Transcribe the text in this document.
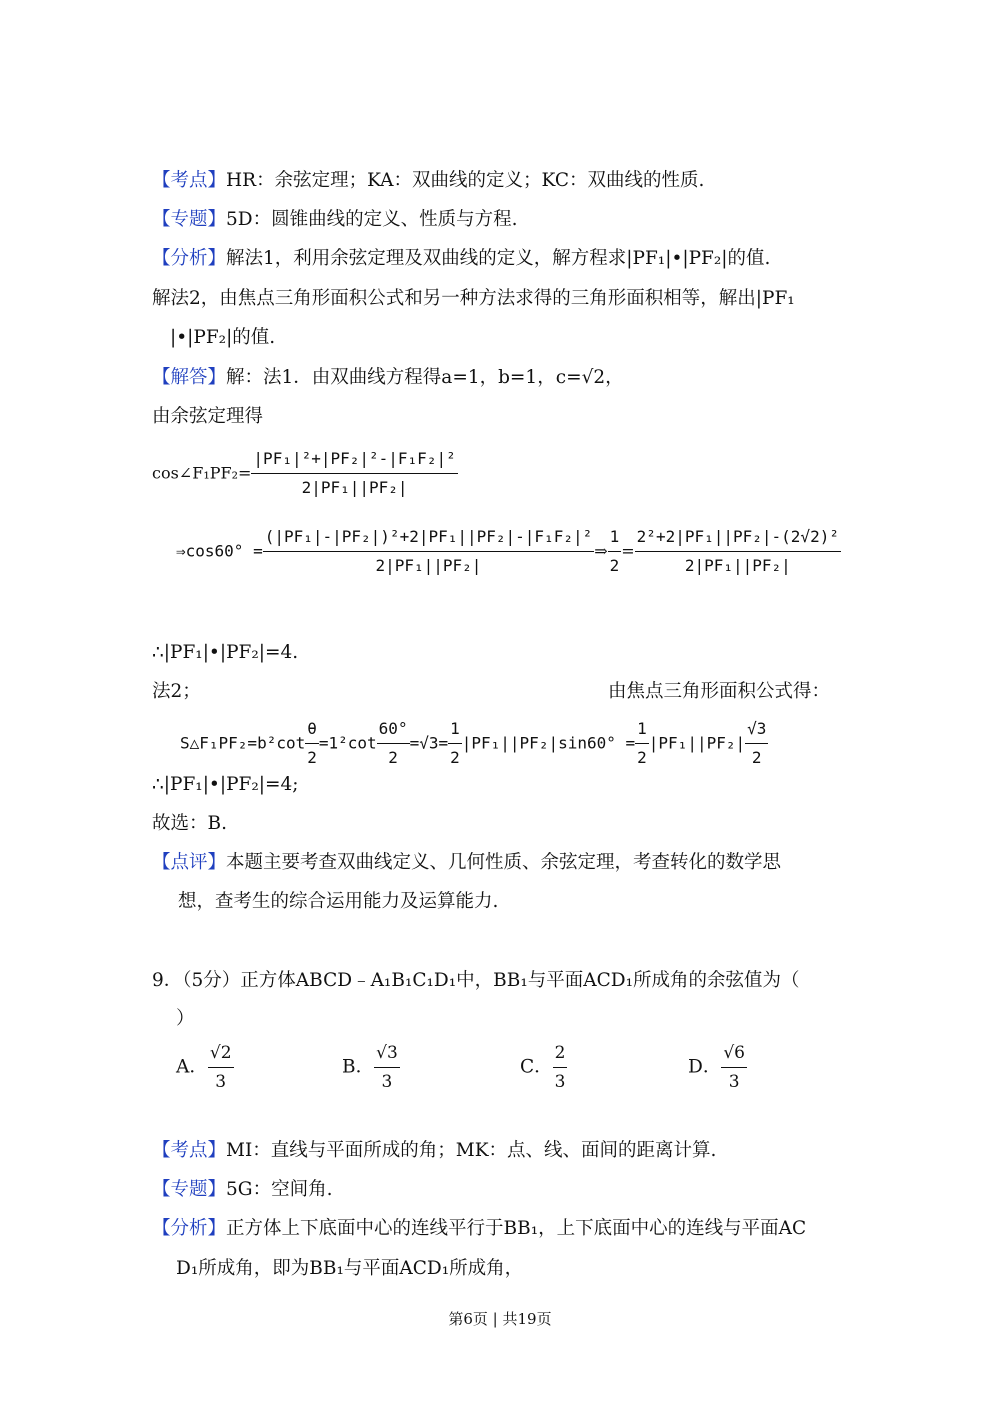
【考点】HR：余弦定理；KA：双曲线的定义；KC：双曲线的性质.
【专题】5D：圆锥曲线的定义、性质与方程.
【分析】解法1，利用余弦定理及双曲线的定义，解方程求|PF₁|•|PF₂|的值.
解法2，由焦点三角形面积公式和另一种方法求得的三角形面积相等，解出|PF₁
|•|PF₂|的值.
【解答】解：法1．由双曲线方程得a=1，b=1，c=√2，
由余弦定理得
cos∠F₁PF₂= $\frac{\text{|PF₁|²+|PF₂|²-|F₁F₂|²}}{\text{2|PF₁||PF₂|}}$
⇒cos60° = $\frac{\text{(|PF₁|-|PF₂|)²+2|PF₁||PF₂|-|F₁F₂|²}}{\text{2|PF₁||PF₂|}}$ ⇒ $\frac{1}{2} = \frac{\text{2²+2|PF₁||PF₂|-(2√2)²}}{\text{2|PF₁||PF₂|}}$
∴|PF₁|•|PF₂|=4.
法2；	由焦点三角形面积公式得：
S△F₁PF₂=b²cot $\frac{\theta}{2} =1^2\cot \frac{60^\circ}{2} =√3= \frac{1}{2} |PF_1||PF_2|\sin 60^\circ = \frac{1}{2} |PF_1||PF_2| \frac{√3}{2}$
∴|PF₁|•|PF₂|=4;
故选：B.
【点评】本题主要考查双曲线定义、几何性质、余弦定理，考查转化的数学思
想，查考生的综合运用能力及运算能力.
9．（5分）正方体ABCD﹣A₁B₁C₁D₁中，BB₁与平面ACD₁所成角的余弦值为（
）
A． $\frac{√2}{3}$	B． $\frac{√3}{3}$	C． $\frac{2}{3}$	D． $\frac{√6}{3}$
【考点】MI：直线与平面所成的角；MK：点、线、面间的距离计算.
【专题】5G：空间角.
【分析】正方体上下底面中心的连线平行于BB₁，上下底面中心的连线与平面AC
D₁所成角，即为BB₁与平面ACD₁所成角，
第6页 | 共19页
